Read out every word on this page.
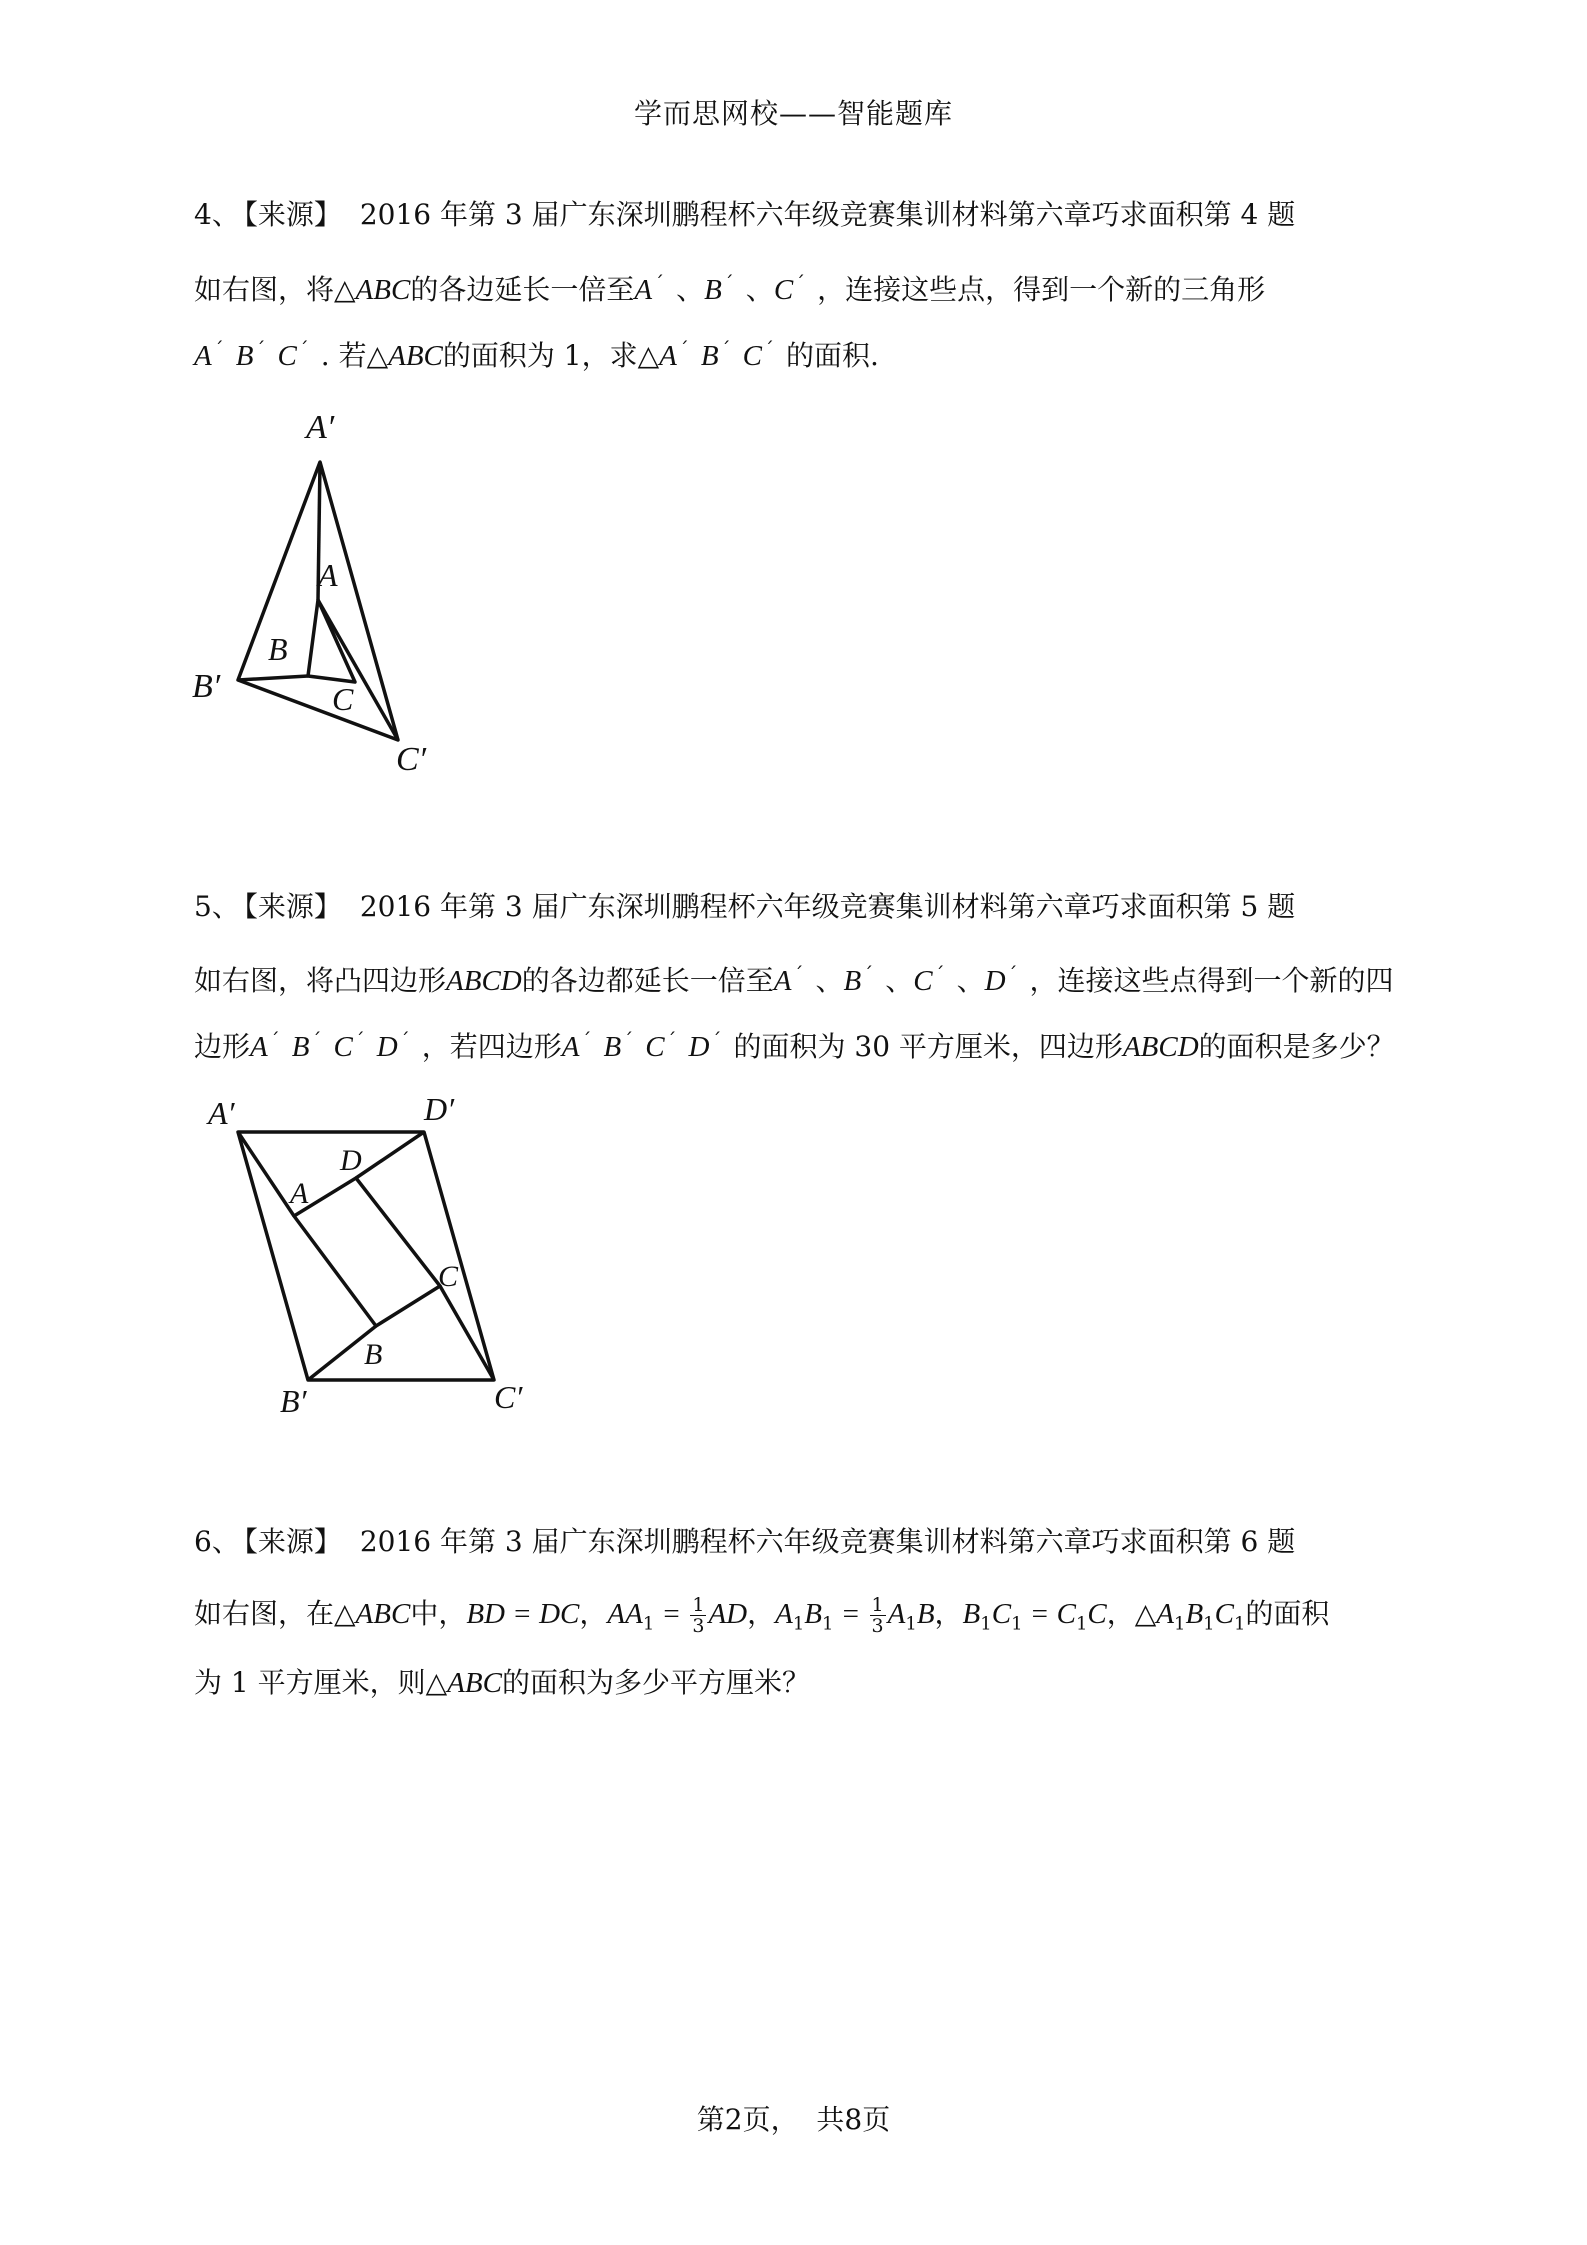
学而思网校——智能题库
4、 【来源】 2016 年第 3 届广东深圳鹏程杯六年级竞赛集训材料第六章巧求面积第 4 题
如右图，将△ABC的各边延长一倍至A ´ 、B ´ 、C ´ ，连接这些点，得到一个新的三角形
A ´ B ´ C ´ . 若△ABC的面积为 1，求△A ´ B ´ C ´ 的面积.
A′
A
B
B′	C
C′
5、 【来源】 2016 年第 3 届广东深圳鹏程杯六年级竞赛集训材料第六章巧求面积第 5 题
如右图，将凸四边形ABCD的各边都延长一倍至A ´ 、B ´ 、C ´ 、D ´ ，连接这些点得到一个新的四
边形A ´ B ´ C ´ D ´ ，若四边形A ´ B ´ C ´ D ´ 的面积为 30 平方厘米，四边形ABCD的面积是多少？
A′	D′
D
A
C
B
B′	C′
6、 【来源】 2016 年第 3 届广东深圳鹏程杯六年级竞赛集训材料第六章巧求面积第 6 题
如右图，在△ABC中，BD = DC，$AA_1 = \frac{1}{3}$ AD，$A_1B_1 = \frac{1}{3} A_1B$，$B_1C_1 = C_1C$，$\triangle A_1B_1C_1$的面积
为 1 平方厘米，则△ABC的面积为多少平方厘米？
第2页，  共8页
